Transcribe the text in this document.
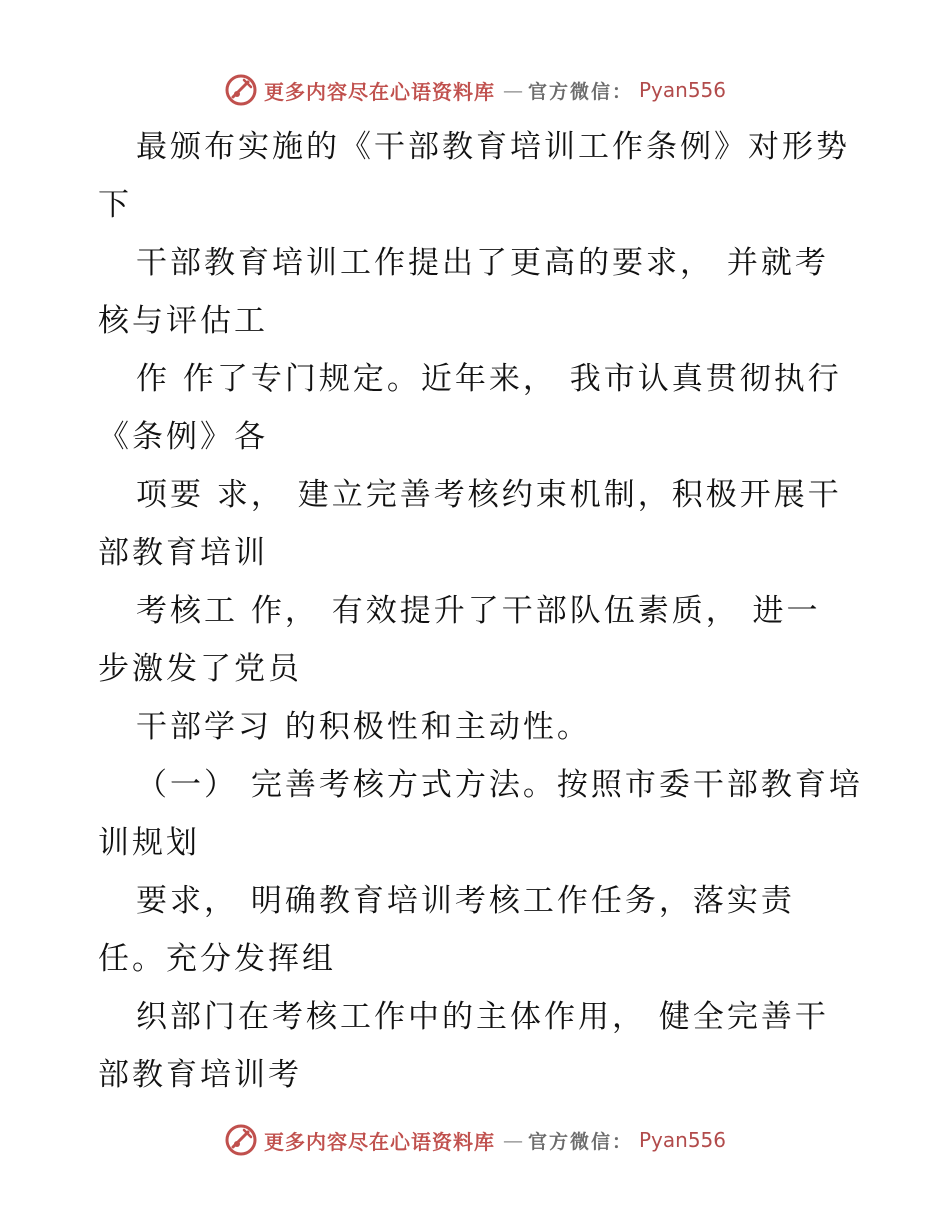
更多内容尽在心语资料库 — 官方微信： Pyan556
最颁布实施的《干部教育培训工作条例》对形势
下
干部教育培训工作提出了更高的要求， 并就考
核与评估工
作 作了专门规定。近年来， 我市认真贯彻执行
《条例》各
项要 求， 建立完善考核约束机制，积极开展干
部教育培训
考核工 作， 有效提升了干部队伍素质， 进一
步激发了党员
干部学习 的积极性和主动性。
（一） 完善考核方式方法。按照市委干部教育培
训规划
要求， 明确教育培训考核工作任务，落实责
任。充分发挥组
织部门在考核工作中的主体作用， 健全完善干
部教育培训考
更多内容尽在心语资料库 — 官方微信： Pyan556
